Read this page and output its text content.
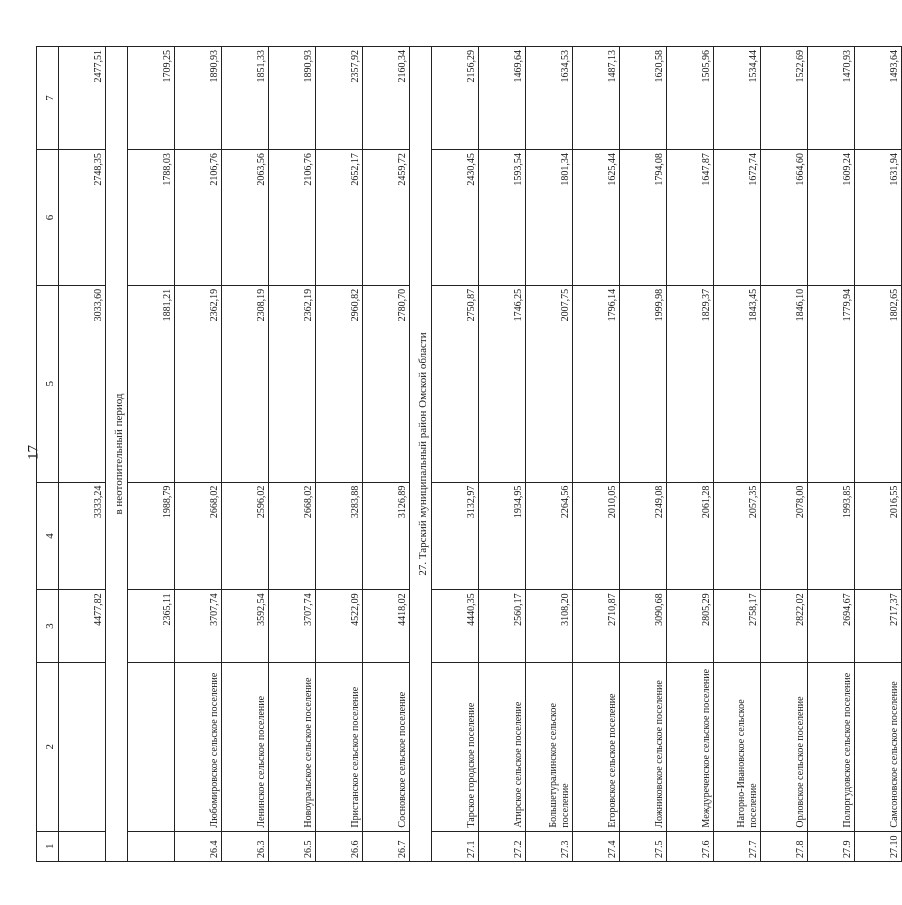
17
1	2	3	4	5	6	7
		4477,82	3333,24	3033,60	2748,35	2477,51
в неотопительный период						
		2365,11	1988,79	1881,21	1788,03	1709,25
26.4	Любомировское сельское поселение	3707,74	2668,02	2362,19	2106,76	1890,93
26.3	Ленинское сельское поселение	3592,54	2596,02	2308,19	2063,56	1851,33
26.5	Новоуральское сельское поселение	3707,74	2668,02	2362,19	2106,76	1890,93
26.6	Пристанское сельское поселение	4522,09	3283,88	2960,82	2652,17	2357,92
26.7	Сосновское сельское поселение	4418,02	3126,89	2780,70	2459,72	2160,34
27. Тарский муниципальный район Омской области						
27.1	Тарское городское поселение	4440,35	3132,97	2750,87	2430,45	2156,29
27.2	Атирское сельское поселение	2560,17	1934,95	1746,25	1593,54	1469,64
27.3	Большетуралинское сельское поселение	3108,20	2264,56	2007,75	1801,34	1634,53
27.4	Егоровское сельское поселение	2710,87	2010,05	1796,14	1625,44	1487,13
27.5	Ложниковское сельское поселение	3090,68	2249,08	1999,98	1794,08	1620,58
27.6	Междуреченское сельское поселение	2805,29	2061,28	1829,37	1647,87	1505,96
27.7	Нагорно-Ивановское сельское поселение	2758,17	2057,35	1843,45	1672,74	1534,44
27.8	Орловское сельское поселение	2822,02	2078,00	1846,10	1664,60	1522,69
27.9	Полоргудовское сельское поселение	2694,67	1993,85	1779,94	1609,24	1470,93
27.10	Самсоновское сельское поселение	2717,37	2016,55	1802,65	1631,94	1493,64
